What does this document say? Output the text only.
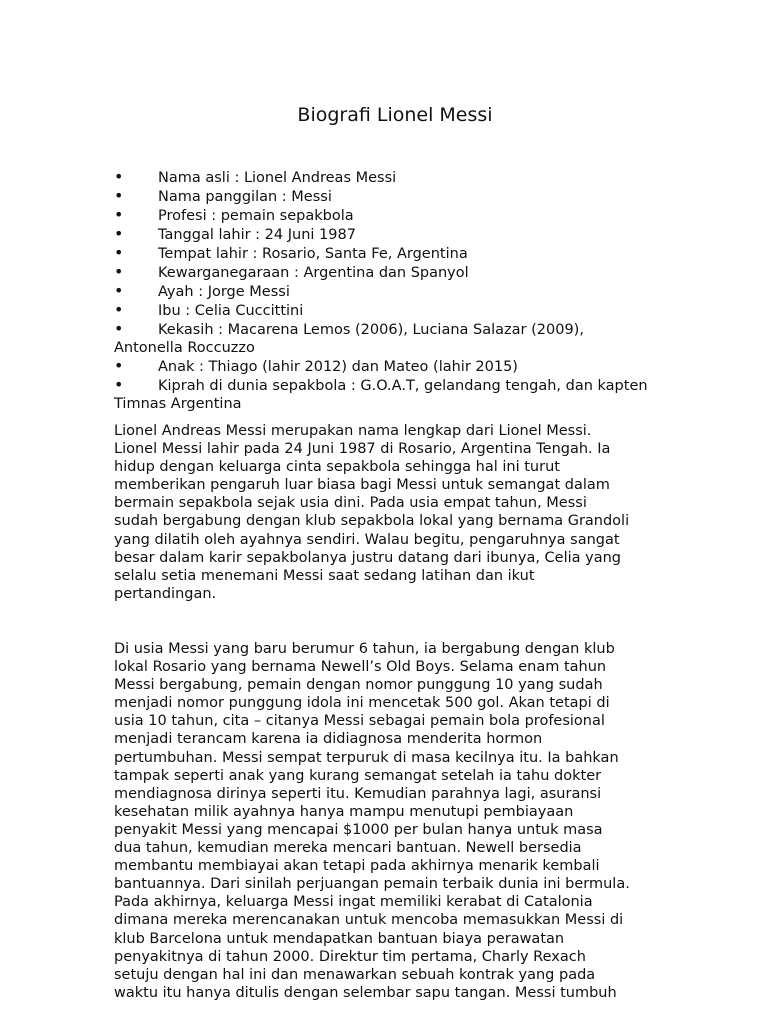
Biografi Lionel Messi
• Nama asli : Lionel Andreas Messi
• Nama panggilan : Messi
• Profesi : pemain sepakbola
• Tanggal lahir : 24 Juni 1987
• Tempat lahir : Rosario, Santa Fe, Argentina
• Kewarganegaraan : Argentina dan Spanyol
• Ayah : Jorge Messi
• Ibu : Celia Cuccittini
• Kekasih : Macarena Lemos (2006), Luciana Salazar (2009), Antonella Roccuzzo
• Anak : Thiago (lahir 2012) dan Mateo (lahir 2015)
• Kiprah di dunia sepakbola : G.O.A.T, gelandang tengah, dan kapten Timnas Argentina

Lionel Andreas Messi merupakan nama lengkap dari Lionel Messi.
Lionel Messi lahir pada 24 Juni 1987 di Rosario, Argentina Tengah. Ia
hidup dengan keluarga cinta sepakbola sehingga hal ini turut
memberikan pengaruh luar biasa bagi Messi untuk semangat dalam
bermain sepakbola sejak usia dini. Pada usia empat tahun, Messi
sudah bergabung dengan klub sepakbola lokal yang bernama Grandoli
yang dilatih oleh ayahnya sendiri. Walau begitu, pengaruhnya sangat
besar dalam karir sepakbolanya justru datang dari ibunya, Celia yang
selalu setia menemani Messi saat sedang latihan dan ikut
pertandingan.

Di usia Messi yang baru berumur 6 tahun, ia bergabung dengan klub
lokal Rosario yang bernama Newell’s Old Boys. Selama enam tahun
Messi bergabung, pemain dengan nomor punggung 10 yang sudah
menjadi nomor punggung idola ini mencetak 500 gol. Akan tetapi di
usia 10 tahun, cita – citanya Messi sebagai pemain bola profesional
menjadi terancam karena ia didiagnosa menderita hormon
pertumbuhan. Messi sempat terpuruk di masa kecilnya itu. Ia bahkan
tampak seperti anak yang kurang semangat setelah ia tahu dokter
mendiagnosa dirinya seperti itu. Kemudian parahnya lagi, asuransi
kesehatan milik ayahnya hanya mampu menutupi pembiayaan
penyakit Messi yang mencapai $1000 per bulan hanya untuk masa
dua tahun, kemudian mereka mencari bantuan. Newell bersedia
membantu membiayai akan tetapi pada akhirnya menarik kembali
bantuannya. Dari sinilah perjuangan pemain terbaik dunia ini bermula.
Pada akhirnya, keluarga Messi ingat memiliki kerabat di Catalonia
dimana mereka merencanakan untuk mencoba memasukkan Messi di
klub Barcelona untuk mendapatkan bantuan biaya perawatan
penyakitnya di tahun 2000. Direktur tim pertama, Charly Rexach
setuju dengan hal ini dan menawarkan sebuah kontrak yang pada
waktu itu hanya ditulis dengan selembar sapu tangan. Messi tumbuh
